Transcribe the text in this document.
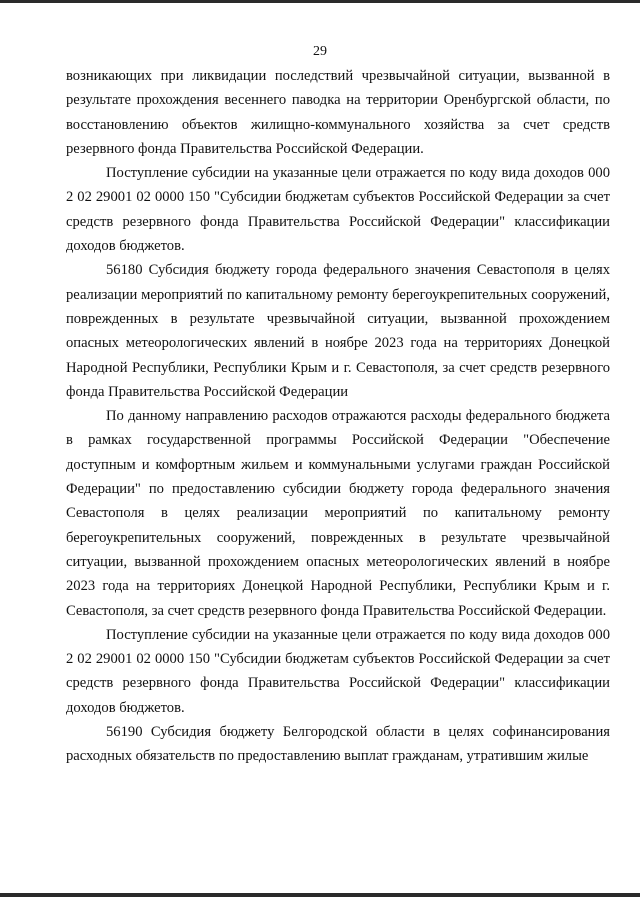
29

возникающих при ликвидации последствий чрезвычайной ситуации, вызванной в результате прохождения весеннего паводка на территории Оренбургской области, по восстановлению объектов жилищно-коммунального хозяйства за счет средств резервного фонда Правительства Российской Федерации.

Поступление субсидии на указанные цели отражается по коду вида доходов 000 2 02 29001 02 0000 150 "Субсидии бюджетам субъектов Российской Федерации за счет средств резервного фонда Правительства Российской Федерации" классификации доходов бюджетов.

56180 Субсидия бюджету города федерального значения Севастополя в целях реализации мероприятий по капитальному ремонту берегоукрепительных сооружений, поврежденных в результате чрезвычайной ситуации, вызванной прохождением опасных метеорологических явлений в ноябре 2023 года на территориях Донецкой Народной Республики, Республики Крым и г. Севастополя, за счет средств резервного фонда Правительства Российской Федерации

По данному направлению расходов отражаются расходы федерального бюджета в рамках государственной программы Российской Федерации "Обеспечение доступным и комфортным жильем и коммунальными услугами граждан Российской Федерации" по предоставлению субсидии бюджету города федерального значения Севастополя в целях реализации мероприятий по капитальному ремонту берегоукрепительных сооружений, поврежденных в результате чрезвычайной ситуации, вызванной прохождением опасных метеорологических явлений в ноябре 2023 года на территориях Донецкой Народной Республики, Республики Крым и г. Севастополя, за счет средств резервного фонда Правительства Российской Федерации.

Поступление субсидии на указанные цели отражается по коду вида доходов 000 2 02 29001 02 0000 150 "Субсидии бюджетам субъектов Российской Федерации за счет средств резервного фонда Правительства Российской Федерации" классификации доходов бюджетов.

56190 Субсидия бюджету Белгородской области в целях софинансирования расходных обязательств по предоставлению выплат гражданам, утратившим жилые
